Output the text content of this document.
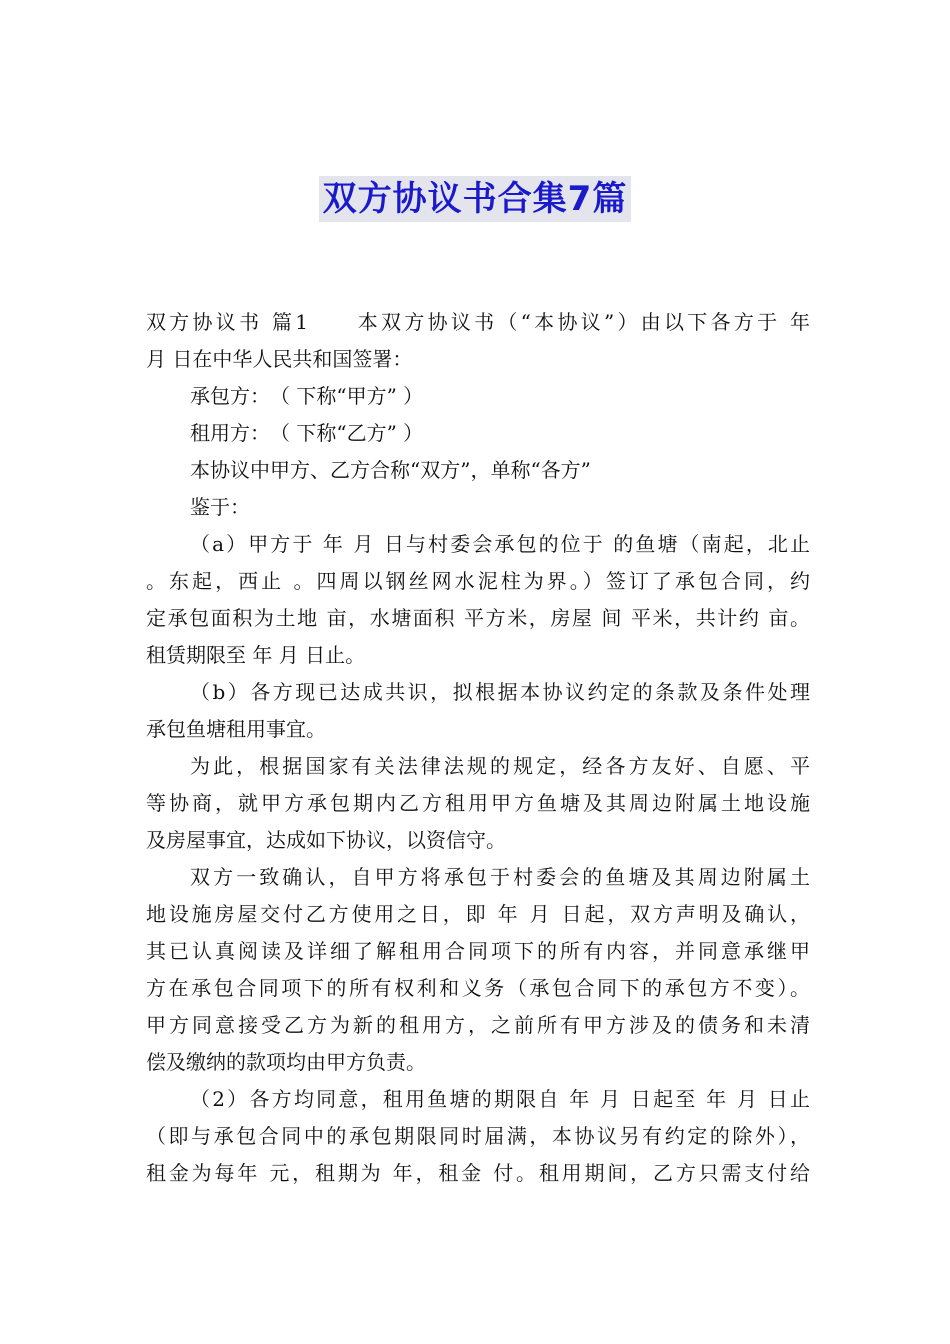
双方协议书合集7篇
双方协议书 篇1　　本双方协议书（“本协议”）由以下各方于 年
月 日在中华人民共和国签署：
承包方：　（ 下称“甲方” ）
租用方：　（ 下称“乙方” ）
本协议中甲方、乙方合称“双方”，单称“各方”
鉴于：
（a）甲方于 年 月 日与村委会承包的位于 的鱼塘（南起，北止
。东起，西止 。四周以钢丝网水泥柱为界。）签订了承包合同，约
定承包面积为土地 亩，水塘面积 平方米，房屋 间 平米，共计约 亩。
租赁期限至 年 月 日止。
（b）各方现已达成共识，拟根据本协议约定的条款及条件处理
承包鱼塘租用事宜。
为此，根据国家有关法律法规的规定，经各方友好、自愿、平
等协商，就甲方承包期内乙方租用甲方鱼塘及其周边附属土地设施
及房屋事宜，达成如下协议，以资信守。
双方一致确认，自甲方将承包于村委会的鱼塘及其周边附属土
地设施房屋交付乙方使用之日，即 年 月 日起，双方声明及确认，
其已认真阅读及详细了解租用合同项下的所有内容，并同意承继甲
方在承包合同项下的所有权利和义务（承包合同下的承包方不变）。
甲方同意接受乙方为新的租用方，之前所有甲方涉及的债务和未清
偿及缴纳的款项均由甲方负责。
（2）各方均同意，租用鱼塘的期限自 年 月 日起至 年 月 日止
（即与承包合同中的承包期限同时届满，本协议另有约定的除外），
租金为每年 元，租期为 年，租金 付。租用期间，乙方只需支付给
